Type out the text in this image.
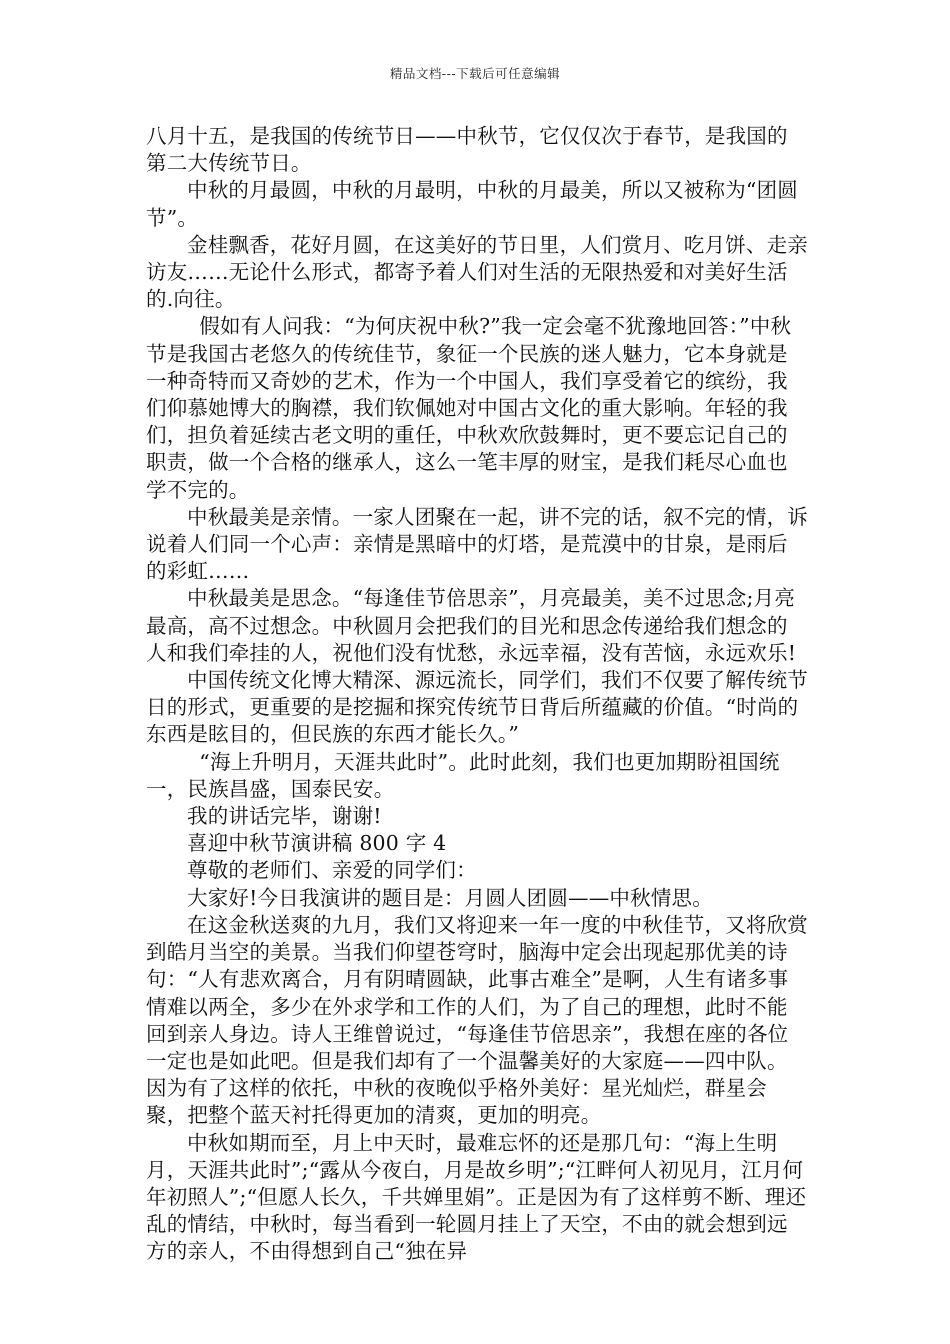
精品文档---下载后可任意编辑

八月十五，是我国的传统节日——中秋节，它仅仅次于春节，是我国的第二大传统节日。

中秋的月最圆，中秋的月最明，中秋的月最美，所以又被称为“团圆节”。

金桂飘香，花好月圆，在这美好的节日里，人们赏月、吃月饼、走亲访友……无论什么形式，都寄予着人们对生活的无限热爱和对美好生活的.向往。

假如有人问我：“为何庆祝中秋?”我一定会毫不犹豫地回答：”中秋节是我国古老悠久的传统佳节，象征一个民族的迷人魅力，它本身就是一种奇特而又奇妙的艺术，作为一个中国人，我们享受着它的缤纷，我们仰慕她博大的胸襟，我们钦佩她对中国古文化的重大影响。年轻的我们，担负着延续古老文明的重任，中秋欢欣鼓舞时，更不要忘记自己的职责，做一个合格的继承人，这么一笔丰厚的财宝，是我们耗尽心血也学不完的。

中秋最美是亲情。一家人团聚在一起，讲不完的话，叙不完的情，诉说着人们同一个心声：亲情是黑暗中的灯塔，是荒漠中的甘泉，是雨后的彩虹……

中秋最美是思念。“每逢佳节倍思亲”，月亮最美，美不过思念;月亮最高，高不过想念。中秋圆月会把我们的目光和思念传递给我们想念的人和我们牵挂的人，祝他们没有忧愁，永远幸福，没有苦恼，永远欢乐!

中国传统文化博大精深、源远流长，同学们，我们不仅要了解传统节日的形式，更重要的是挖掘和探究传统节日背后所蕴藏的价值。“时尚的东西是眩目的，但民族的东西才能长久。”

“海上升明月，天涯共此时”。此时此刻，我们也更加期盼祖国统一，民族昌盛，国泰民安。

我的讲话完毕，谢谢!

喜迎中秋节演讲稿 800 字 4

尊敬的老师们、亲爱的同学们：

大家好!今日我演讲的题目是：月圆人团圆——中秋情思。

在这金秋送爽的九月，我们又将迎来一年一度的中秋佳节，又将欣赏到皓月当空的美景。当我们仰望苍穹时，脑海中定会出现起那优美的诗句：“人有悲欢离合，月有阴晴圆缺，此事古难全”是啊，人生有诸多事情难以两全，多少在外求学和工作的人们，为了自己的理想，此时不能回到亲人身边。诗人王维曾说过，“每逢佳节倍思亲”，我想在座的各位一定也是如此吧。但是我们却有了一个温馨美好的大家庭——四中队。因为有了这样的依托，中秋的夜晚似乎格外美好：星光灿烂，群星会聚，把整个蓝天衬托得更加的清爽，更加的明亮。

中秋如期而至，月上中天时，最难忘怀的还是那几句：“海上生明月，天涯共此时”;“露从今夜白，月是故乡明”;“江畔何人初见月，江月何年初照人”;“但愿人长久，千共婵里娟”。正是因为有了这样剪不断、理还乱的情结，中秋时，每当看到一轮圆月挂上了天空，不由的就会想到远方的亲人，不由得想到自己“独在异
